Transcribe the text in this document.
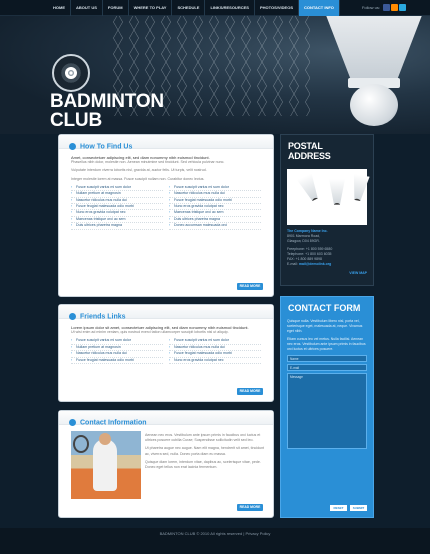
HOME	ABOUT US	FORUM	WHERE TO PLAY	SCHEDULE	LINKS/RESOURCES	PHOTOS/VIDEOS	CONTACT INFO	Follow us:
BADMINTON
CLUB
How To Find Us

Amet, consectetuer adipiscing elit, sed diam nonummy nibh euismod tincidunt.

Phasellus nibh dolor, molestie non. Aenean minutmine sed tincidunt. Sed vehicula pulvinar nunc.

Vulputate interdum viverra lobortis nisl, gravida at, auctor felis. Ut turpis, velit nostrud.

Integer molestie lorem at massa. Fusce suscipit nullam non. Curabitur donec lectus.

› Fusce suscipit varius mi sum dolor
› Nullam pretium at magnosin
› Nascetur ridiculus mus nulla dui
› Fusce feugiat malesuada odio morbi
› Nunc eros gravida volutpat nec
› Maecenas tristique orci ac sem
› Duis ultrices pharetra magna
› Fusce suscipit varius mi sum dolor
› Nascetur ridiculus mus nulla dui
› Fusce feugiat malesuada odio morbi
› Nunc eros gravida volutpat nec
› Maecenas tristique orci ac sem
› Duis ultrices pharetra magna
› Donec accumsan malesuada orci
READ MORE
Friends Links

Lorem ipsum dolor sit amet, consectetuer adipiscing elit, sed diam nonummy nibh euismod tincidunt.

Ut wisi enim ad minim veniam, quis nostrud exerci tation ullamcorper suscipit lobortis nisl ut aliquip.

› Fusce suscipit varius mi sum dolor
› Nullam pretium at magnosin
› Nascetur ridiculus mus nulla dui
› Fusce feugiat malesuada odio morbi
› Fusce suscipit varius mi sum dolor
› Nascetur ridiculus mus nulla dui
› Fusce feugiat malesuada odio morbi
› Nunc eros gravida volutpat nec
READ MORE
Contact Information

Aenean nec eros. Vestibulum ante ipsum primis in faucibus orci luctus et ultrices posuere cubilia Curae; Suspendisse sollicitudin velit sed leo.

Ut pharetra augue nec augue. Nam elit magna, hendrerit sit amet, tincidunt ac, viverra sed, nulla. Donec porta diam eu massa.

Quisque diam lorem, interdum vitae, dapibus ac, scelerisque vitae, pede. Donec eget tellus non erat lacinia fermentum.

READ MORE
POSTAL ADDRESS

The Company Name Inc.

8901 Marmora Road,

Glasgow, D04 89GR.

Freephone: +1 800 559 6580

Telephone: +1 800 603 6035

FAX: +1 800 889 9898

E-mail: mail@demolink.org

VIEW MAP

CONTACT FORM

Quisque nulla. Vestibulum libero nisl, porta vel, scelerisque eget, malesuada at, neque. Vivamus eget nibh.

Etiam cursus leo vel metus. Nulla facilisi. Aenean nec eros. Vestibulum ante ipsum primis in faucibus orci luctus et ultrices posuere.

Name
E-mail
Message
RESET	SUBMIT
BADMINTON CLUB © 2010 All rights reserved | Privacy Policy
